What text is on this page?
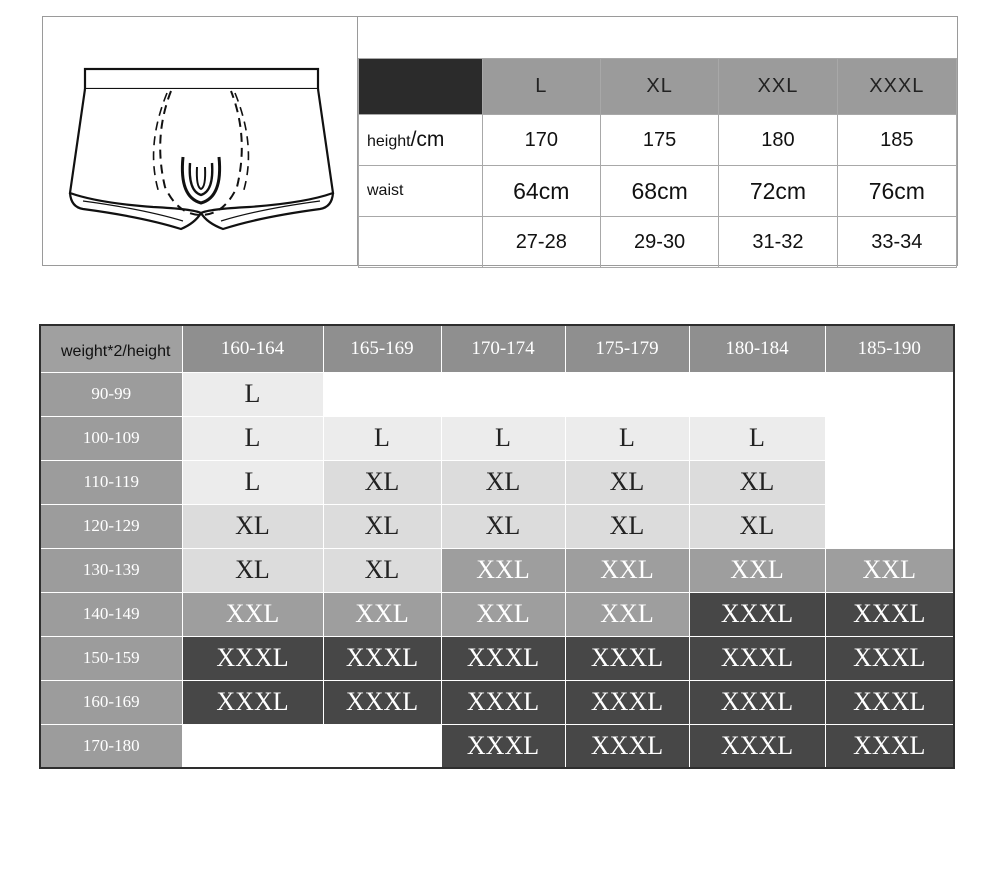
	L	XL	XXL	XXXL
height/cm	170	175	180	185
waist	64cm	68cm	72cm	76cm
	27-28	29-30	31-32	33-34
weight*2/height	160-164	165-169	170-174	175-179	180-184	185-190
90-99	L					
100-109	L	L	L	L	L	
110-119	L	XL	XL	XL	XL	
120-129	XL	XL	XL	XL	XL	
130-139	XL	XL	XXL	XXL	XXL	XXL
140-149	XXL	XXL	XXL	XXL	XXXL	XXXL
150-159	XXXL	XXXL	XXXL	XXXL	XXXL	XXXL
160-169	XXXL	XXXL	XXXL	XXXL	XXXL	XXXL
170-180			XXXL	XXXL	XXXL	XXXL
